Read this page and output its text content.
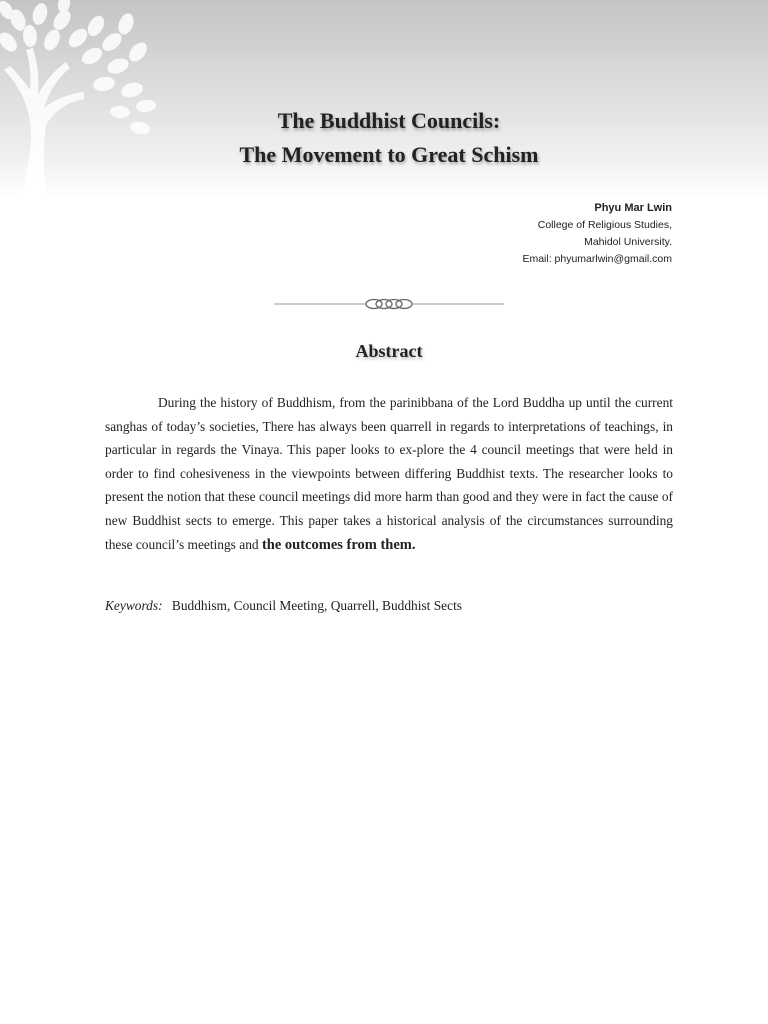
The Buddhist Councils:
The Movement to Great Schism
Phyu Mar Lwin
College of Religious Studies,
Mahidol University.
Email: phyumarlwin@gmail.com
Abstract

During the history of Buddhism, from the parinibbana of the Lord Buddha up until the current sanghas of today’s societies, There has always been quarrell in regards to interpretations of teachings, in particular in regards the Vinaya. This paper looks to ex-plore the 4 council meetings that were held in order to find cohesiveness in the viewpoints between differing Buddhist texts. The researcher looks to present the notion that these council meetings did more harm than good and they were in fact the cause of new Buddhist sects to emerge. This paper takes a historical analysis of the circumstances surrounding these council’s meetings and the outcomes from them.

Keywords: Buddhism, Council Meeting, Quarrell, Buddhist Sects
